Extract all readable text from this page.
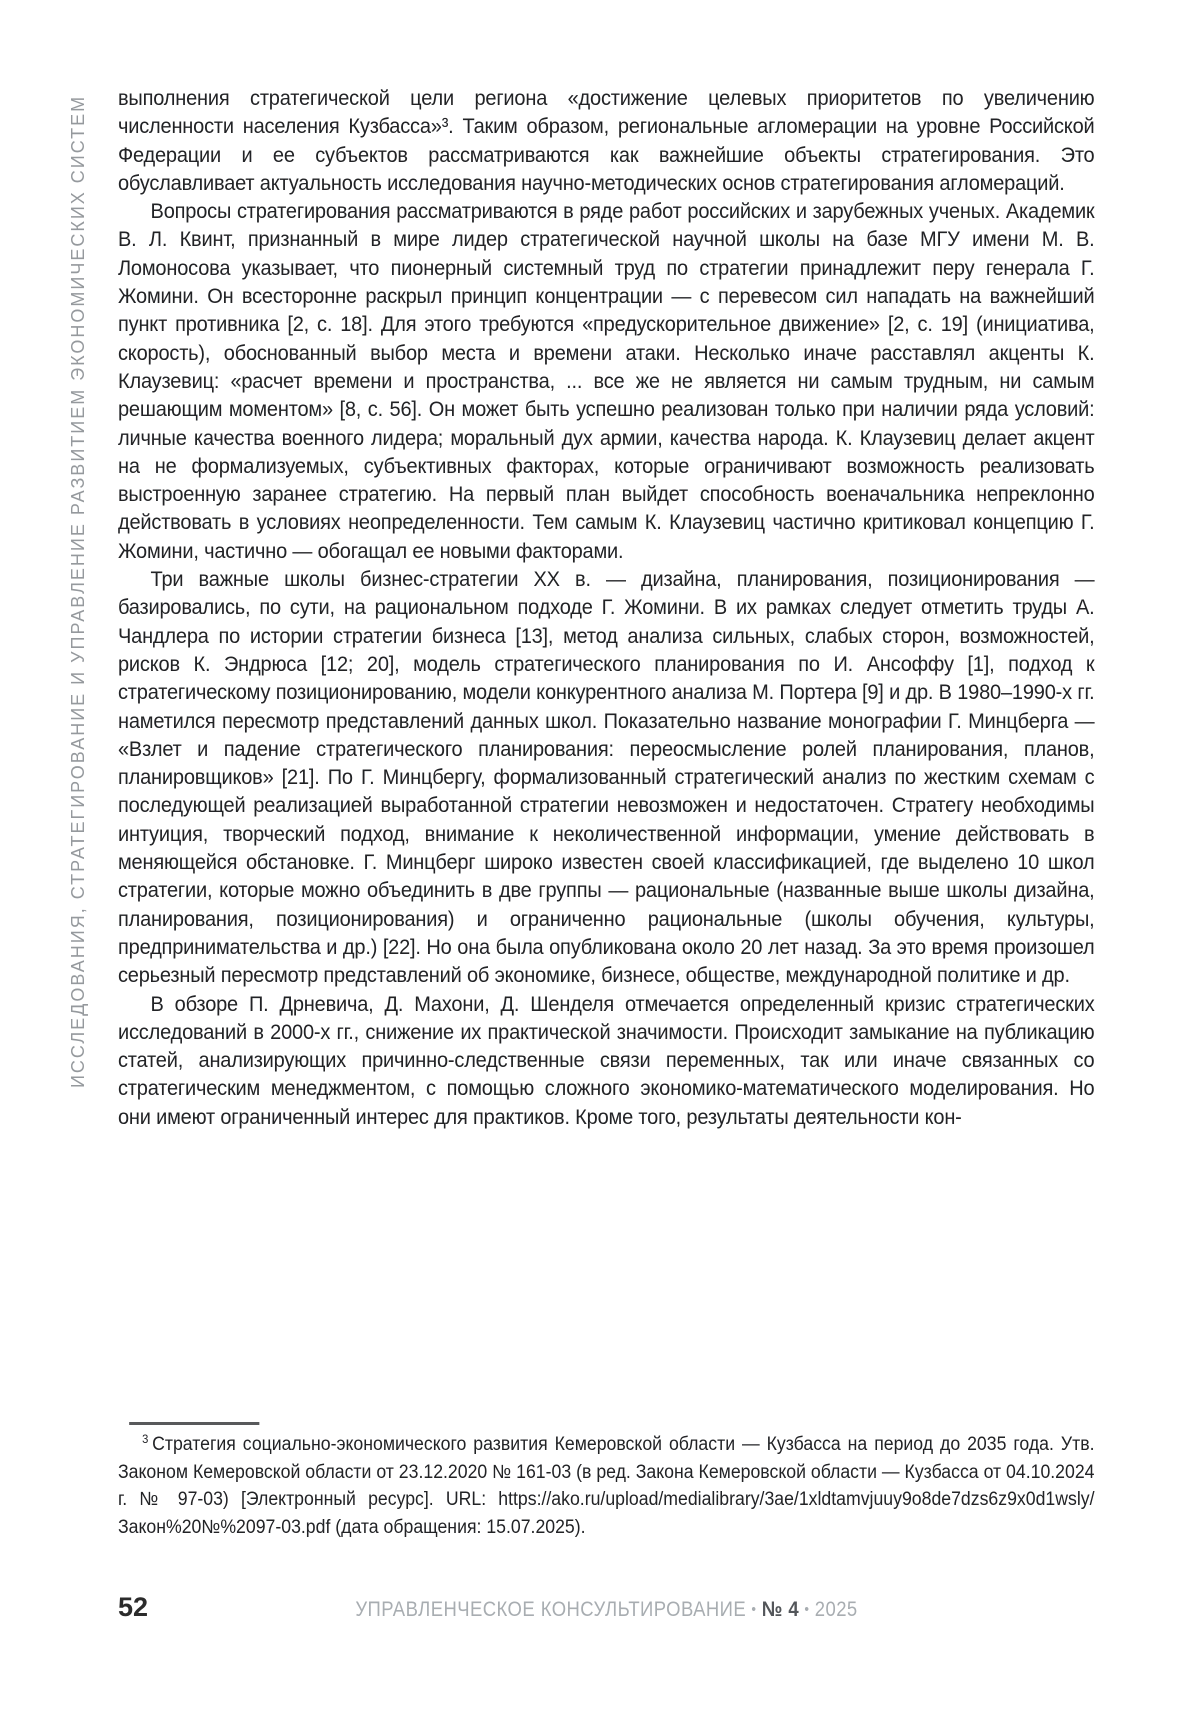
ИССЛЕДОВАНИЯ, СТРАТЕГИРОВАНИЕ И УПРАВЛЕНИЕ РАЗВИТИЕМ ЭКОНОМИЧЕСКИХ СИСТЕМ выполнения стратегической цели региона «достижение целевых приоритетов по увеличению численности населения Кузбасса»³. Таким образом, региональные агломерации на уровне Российской Федерации и ее субъектов рассматриваются как важнейшие объекты стратегирования. Это обуславливает актуальность исследования научно-методических основ стратегирования агломераций.

Вопросы стратегирования рассматриваются в ряде работ российских и зарубежных ученых. Академик В. Л. Квинт, признанный в мире лидер стратегической научной школы на базе МГУ имени М. В. Ломоносова указывает, что пионерный системный труд по стратегии принадлежит перу генерала Г. Жомини. Он всесторонне раскрыл принцип концентрации — с перевесом сил нападать на важнейший пункт противника [2, с. 18]. Для этого требуются «предускорительное движение» [2, с. 19] (инициатива, скорость), обоснованный выбор места и времени атаки. Несколько иначе расставлял акценты К. Клаузевиц: «расчет времени и пространства, ... все же не является ни самым трудным, ни самым решающим моментом» [8, с. 56]. Он может быть успешно реализован только при наличии ряда условий: личные качества военного лидера; моральный дух армии, качества народа. К. Клаузевиц делает акцент на не формализуемых, субъективных факторах, которые ограничивают возможность реализовать выстроенную заранее стратегию. На первый план выйдет способность военачальника непреклонно действовать в условиях неопределенности. Тем самым К. Клаузевиц частично критиковал концепцию Г. Жомини, частично — обогащал ее новыми факторами.

Три важные школы бизнес-стратегии XX в. — дизайна, планирования, позиционирования — базировались, по сути, на рациональном подходе Г. Жомини. В их рамках следует отметить труды А. Чандлера по истории стратегии бизнеса [13], метод анализа сильных, слабых сторон, возможностей, рисков К. Эндрюса [12; 20], модель стратегического планирования по И. Ансоффу [1], подход к стратегическому позиционированию, модели конкурентного анализа М. Портера [9] и др. В 1980–1990-х гг. наметился пересмотр представлений данных школ. Показательно название монографии Г. Минцберга — «Взлет и падение стратегического планирования: переосмысление ролей планирования, планов, планировщиков» [21]. По Г. Минцбергу, формализованный стратегический анализ по жестким схемам с последующей реализацией выработанной стратегии невозможен и недостаточен. Стратегу необходимы интуиция, творческий подход, внимание к неколичественной информации, умение действовать в меняющейся обстановке. Г. Минцберг широко известен своей классификацией, где выделено 10 школ стратегии, которые можно объединить в две группы — рациональные (названные выше школы дизайна, планирования, позиционирования) и ограниченно рациональные (школы обучения, культуры, предпринимательства и др.) [22]. Но она была опубликована около 20 лет назад. За это время произошел серьезный пересмотр представлений об экономике, бизнесе, обществе, международной политике и др.

В обзоре П. Дрневича, Д. Махони, Д. Шенделя отмечается определенный кризис стратегических исследований в 2000-х гг., снижение их практической значимости. Происходит замыкание на публикацию статей, анализирующих причинно-следственные связи переменных, так или иначе связанных со стратегическим менеджментом, с помощью сложного экономико-математического моделирования. Но они имеют ограниченный интерес для практиков. Кроме того, результаты деятельности кон-

$^3$ Стратегия социально-экономического развития Кемеровской области — Кузбасса на период до 2035 года. Утв. Законом Кемеровской области от 23.12.2020 № 161-03 (в ред. Закона Кемеровской области — Кузбасса от 04.10.2024 г. № 97-03) [Электронный ресурс]. URL: https://ako.ru/upload/medialibrary/3ae/1xldtamvjuuy9o8de7dzs6z9x0d1wsly/Закон%20№%2097-03.pdf (дата обращения: 15.07.2025).

52	УПРАВЛЕНЧЕСКОЕ КОНСУЛЬТИРОВАНИЕ • № 4 • 2025
